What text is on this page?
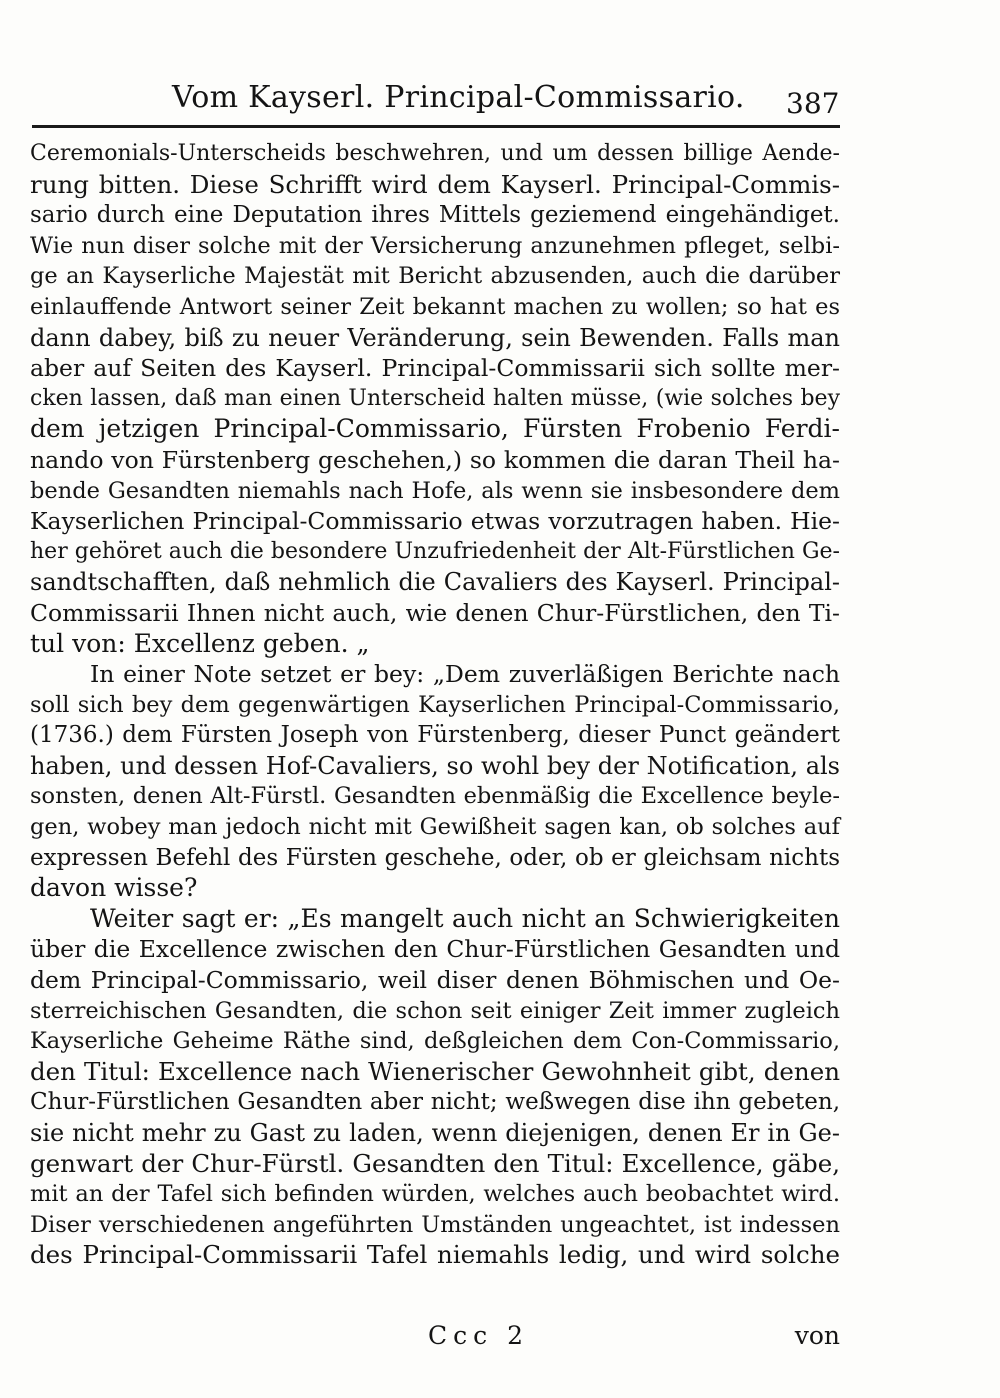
Vom Kayserl. Principal-Commissario. 387
Ceremonials-Unterscheids beschwehren, und um dessen billige Aende-
rung bitten. Diese Schrifft wird dem Kayserl. Principal-Commis-
sario durch eine Deputation ihres Mittels geziemend eingehändiget.
Wie nun diser solche mit der Versicherung anzunehmen pfleget, selbi-
ge an Kayserliche Majestät mit Bericht abzusenden, auch die darüber
einlauffende Antwort seiner Zeit bekannt machen zu wollen; so hat es
dann dabey, biß zu neuer Veränderung, sein Bewenden. Falls man
aber auf Seiten des Kayserl. Principal-Commissarii sich sollte mer-
cken lassen, daß man einen Unterscheid halten müsse, (wie solches bey
dem jetzigen Principal-Commissario, Fürsten Frobenio Ferdi-
nando von Fürstenberg geschehen,) so kommen die daran Theil ha-
bende Gesandten niemahls nach Hofe, als wenn sie insbesondere dem
Kayserlichen Principal-Commissario etwas vorzutragen haben. Hie-
her gehöret auch die besondere Unzufriedenheit der Alt-Fürstlichen Ge-
sandtschafften, daß nehmlich die Cavaliers des Kayserl. Principal-
Commissarii Ihnen nicht auch, wie denen Chur-Fürstlichen, den Ti-
tul von: Excellenz geben. „
In einer Note setzet er bey: „Dem zuverläßigen Berichte nach
soll sich bey dem gegenwärtigen Kayserlichen Principal-Commissario,
(1736.) dem Fürsten Joseph von Fürstenberg, dieser Punct geändert
haben, und dessen Hof-Cavaliers, so wohl bey der Notification, als
sonsten, denen Alt-Fürstl. Gesandten ebenmäßig die Excellence beyle-
gen, wobey man jedoch nicht mit Gewißheit sagen kan, ob solches auf
expressen Befehl des Fürsten geschehe, oder, ob er gleichsam nichts
davon wisse?
Weiter sagt er: „Es mangelt auch nicht an Schwierigkeiten
über die Excellence zwischen den Chur-Fürstlichen Gesandten und
dem Principal-Commissario, weil diser denen Böhmischen und Oe-
sterreichischen Gesandten, die schon seit einiger Zeit immer zugleich
Kayserliche Geheime Räthe sind, deßgleichen dem Con-Commissario,
den Titul: Excellence nach Wienerischer Gewohnheit gibt, denen
Chur-Fürstlichen Gesandten aber nicht; weßwegen dise ihn gebeten,
sie nicht mehr zu Gast zu laden, wenn diejenigen, denen Er in Ge-
genwart der Chur-Fürstl. Gesandten den Titul: Excellence, gäbe,
mit an der Tafel sich befinden würden, welches auch beobachtet wird.
Diser verschiedenen angeführten Umständen ungeachtet, ist indessen
des Principal-Commissarii Tafel niemahls ledig, und wird solche
Ccc 2	von
